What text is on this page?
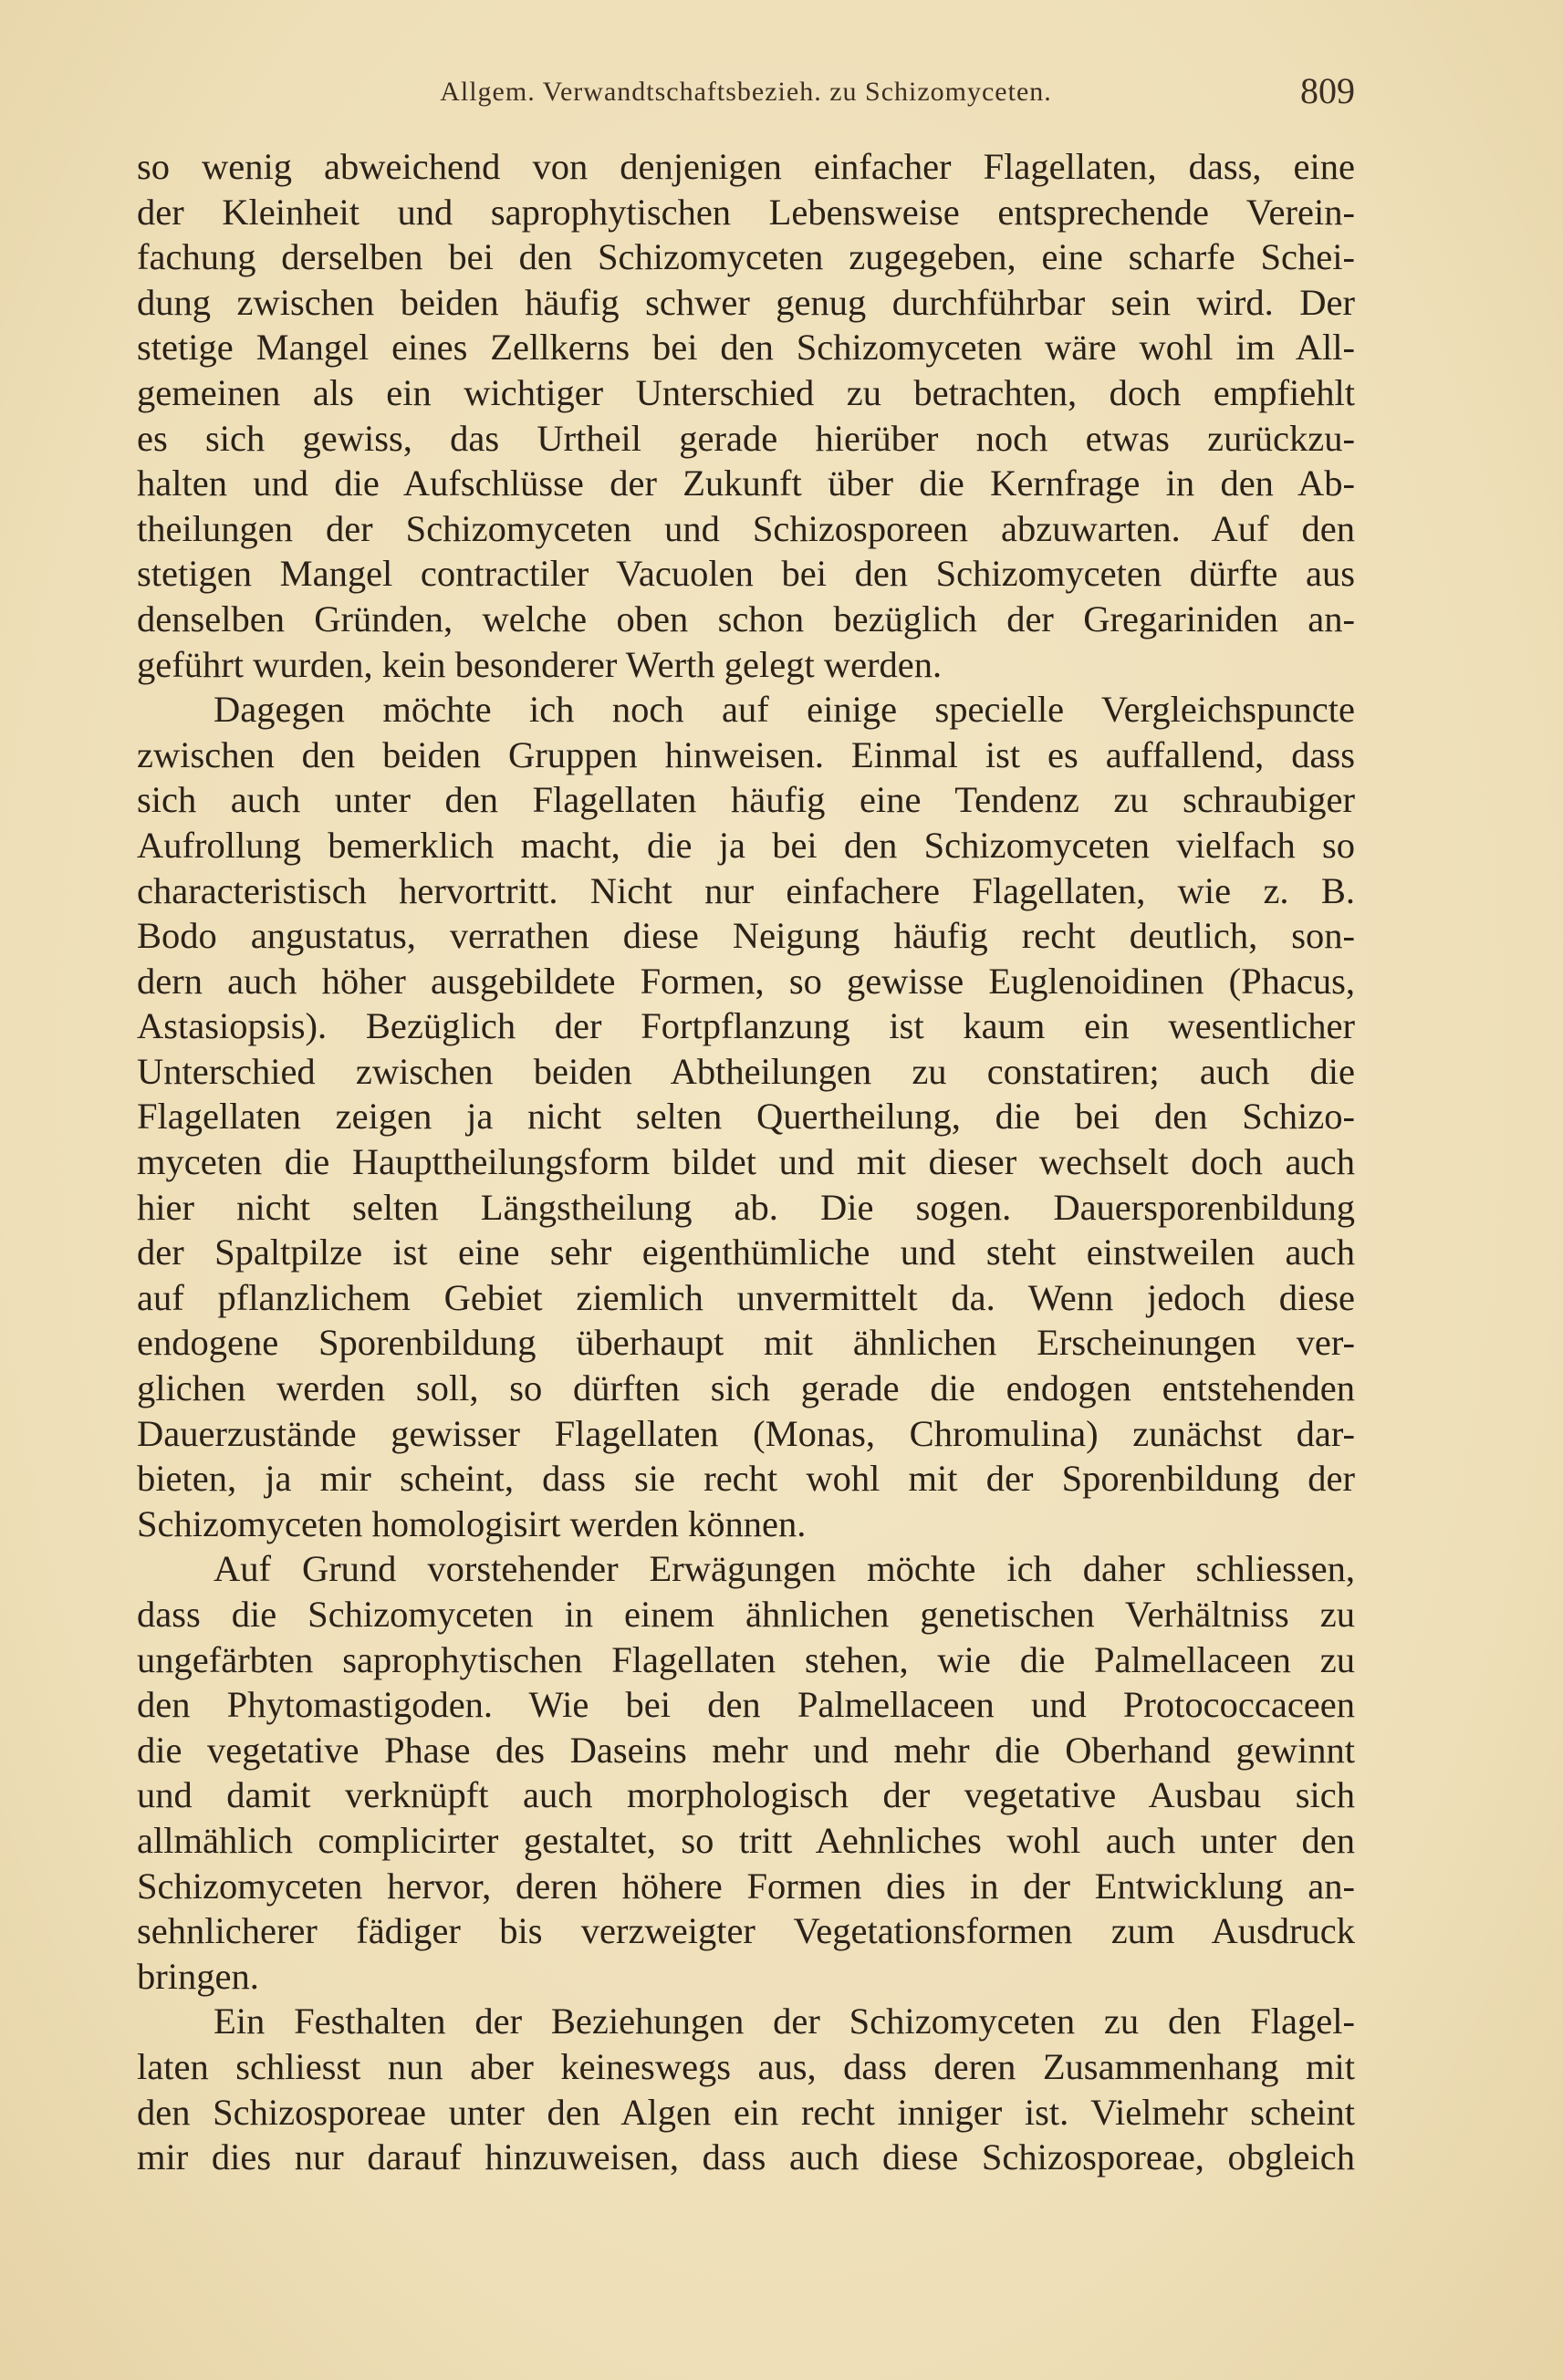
Allgem. Verwandtschaftsbezieh. zu Schizomyceten.	809
so wenig abweichend von denjenigen einfacher Flagellaten, dass, eine
der Kleinheit und saprophytischen Lebensweise entsprechende Verein-
fachung derselben bei den Schizomyceten zugegeben, eine scharfe Schei-
dung zwischen beiden häufig schwer genug durchführbar sein wird. Der
stetige Mangel eines Zellkerns bei den Schizomyceten wäre wohl im All-
gemeinen als ein wichtiger Unterschied zu betrachten, doch empfiehlt
es sich gewiss, das Urtheil gerade hierüber noch etwas zurückzu-
halten und die Aufschlüsse der Zukunft über die Kernfrage in den Ab-
theilungen der Schizomyceten und Schizosporeen abzuwarten. Auf den
stetigen Mangel contractiler Vacuolen bei den Schizomyceten dürfte aus
denselben Gründen, welche oben schon bezüglich der Gregariniden an-
geführt wurden, kein besonderer Werth gelegt werden.
Dagegen möchte ich noch auf einige specielle Vergleichspuncte
zwischen den beiden Gruppen hinweisen. Einmal ist es auffallend, dass
sich auch unter den Flagellaten häufig eine Tendenz zu schraubiger
Aufrollung bemerklich macht, die ja bei den Schizomyceten vielfach so
characteristisch hervortritt. Nicht nur einfachere Flagellaten, wie z. B.
Bodo angustatus, verrathen diese Neigung häufig recht deutlich, son-
dern auch höher ausgebildete Formen, so gewisse Euglenoidinen (Phacus,
Astasiopsis). Bezüglich der Fortpflanzung ist kaum ein wesentlicher
Unterschied zwischen beiden Abtheilungen zu constatiren; auch die
Flagellaten zeigen ja nicht selten Quertheilung, die bei den Schizo-
myceten die Haupttheilungsform bildet und mit dieser wechselt doch auch
hier nicht selten Längstheilung ab. Die sogen. Dauersporenbildung
der Spaltpilze ist eine sehr eigenthümliche und steht einstweilen auch
auf pflanzlichem Gebiet ziemlich unvermittelt da. Wenn jedoch diese
endogene Sporenbildung überhaupt mit ähnlichen Erscheinungen ver-
glichen werden soll, so dürften sich gerade die endogen entstehenden
Dauerzustände gewisser Flagellaten (Monas, Chromulina) zunächst dar-
bieten, ja mir scheint, dass sie recht wohl mit der Sporenbildung der
Schizomyceten homologisirt werden können.
Auf Grund vorstehender Erwägungen möchte ich daher schliessen,
dass die Schizomyceten in einem ähnlichen genetischen Verhältniss zu
ungefärbten saprophytischen Flagellaten stehen, wie die Palmellaceen zu
den Phytomastigoden. Wie bei den Palmellaceen und Protococcaceen
die vegetative Phase des Daseins mehr und mehr die Oberhand gewinnt
und damit verknüpft auch morphologisch der vegetative Ausbau sich
allmählich complicirter gestaltet, so tritt Aehnliches wohl auch unter den
Schizomyceten hervor, deren höhere Formen dies in der Entwicklung an-
sehnlicherer fädiger bis verzweigter Vegetationsformen zum Ausdruck
bringen.
Ein Festhalten der Beziehungen der Schizomyceten zu den Flagel-
laten schliesst nun aber keineswegs aus, dass deren Zusammenhang mit
den Schizosporeae unter den Algen ein recht inniger ist. Vielmehr scheint
mir dies nur darauf hinzuweisen, dass auch diese Schizosporeae, obgleich
